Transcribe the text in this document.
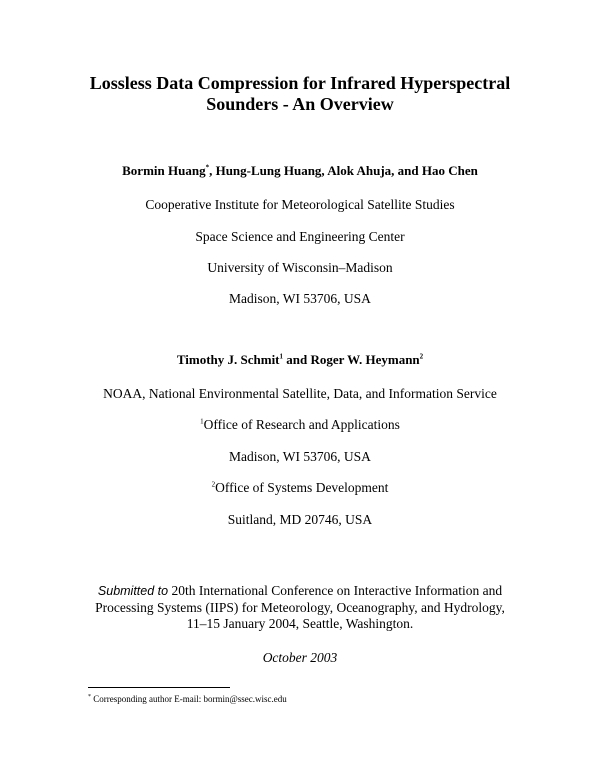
Lossless Data Compression for Infrared Hyperspectral
Sounders - An Overview
Bormin Huang*, Hung-Lung Huang, Alok Ahuja, and Hao Chen
Cooperative Institute for Meteorological Satellite Studies
Space Science and Engineering Center
University of Wisconsin–Madison
Madison, WI 53706, USA
Timothy J. Schmit$^1$ and Roger W. Heymann$^2$
NOAA, National Environmental Satellite, Data, and Information Service
$^1$Office of Research and Applications
Madison, WI 53706, USA
$^2$Office of Systems Development
Suitland, MD 20746, USA
Submitted to 20th International Conference on Interactive Information and
Processing Systems (IIPS) for Meteorology, Oceanography, and Hydrology,
11–15 January 2004, Seattle, Washington.
October 2003
* Corresponding author E-mail: bormin@ssec.wisc.edu
